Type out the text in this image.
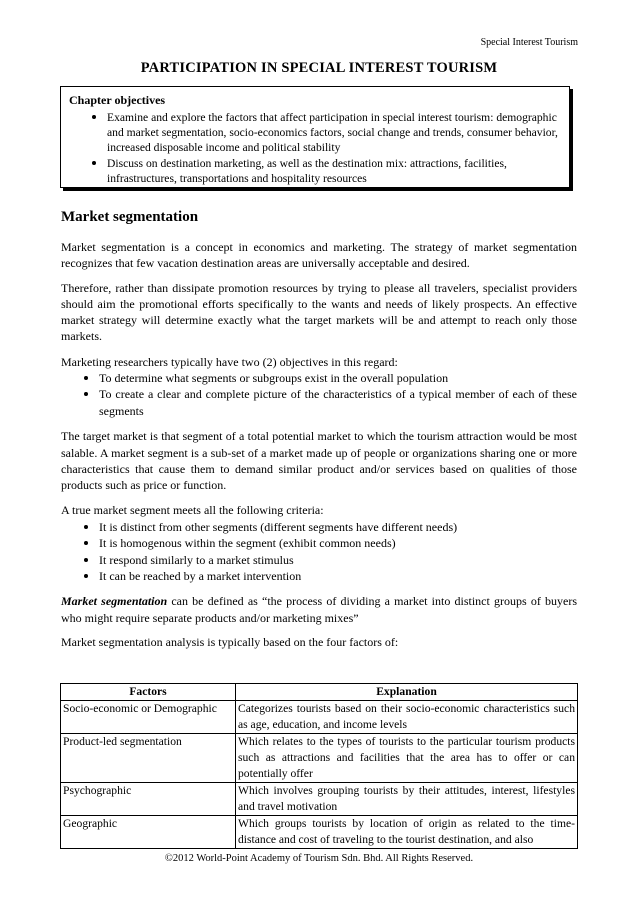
Special Interest Tourism
PARTICIPATION IN SPECIAL INTEREST TOURISM
Chapter objectives
• Examine and explore the factors that affect participation in special interest tourism: demographic and market segmentation, socio-economics factors, social change and trends, consumer behavior, increased disposable income and political stability
• Discuss on destination marketing, as well as the destination mix: attractions, facilities, infrastructures, transportations and hospitality resources
Market segmentation

Market segmentation is a concept in economics and marketing. The strategy of market segmentation recognizes that few vacation destination areas are universally acceptable and desired.

Therefore, rather than dissipate promotion resources by trying to please all travelers, specialist providers should aim the promotional efforts specifically to the wants and needs of likely prospects. An effective market strategy will determine exactly what the target markets will be and attempt to reach only those markets.

Marketing researchers typically have two (2) objectives in this regard:

• To determine what segments or subgroups exist in the overall population
• To create a clear and complete picture of the characteristics of a typical member of each of these segments

The target market is that segment of a total potential market to which the tourism attraction would be most salable. A market segment is a sub-set of a market made up of people or organizations sharing one or more characteristics that cause them to demand similar product and/or services based on qualities of those products such as price or function.

A true market segment meets all the following criteria:

• It is distinct from other segments (different segments have different needs)
• It is homogenous within the segment (exhibit common needs)
• It respond similarly to a market stimulus
• It can be reached by a market intervention

Market segmentation can be defined as “the process of dividing a market into distinct groups of buyers who might require separate products and/or marketing mixes”

Market segmentation analysis is typically based on the four factors of:

Factors	Explanation
Socio-economic or Demographic	Categorizes tourists based on their socio-economic characteristics such as age, education, and income levels
Product-led segmentation	Which relates to the types of tourists to the particular tourism products such as attractions and facilities that the area has to offer or can potentially offer
Psychographic	Which involves grouping tourists by their attitudes, interest, lifestyles and travel motivation
Geographic	Which groups tourists by location of origin as related to the time-distance and cost of traveling to the tourist destination, and also
©2012 World-Point Academy of Tourism Sdn. Bhd. All Rights Reserved.
